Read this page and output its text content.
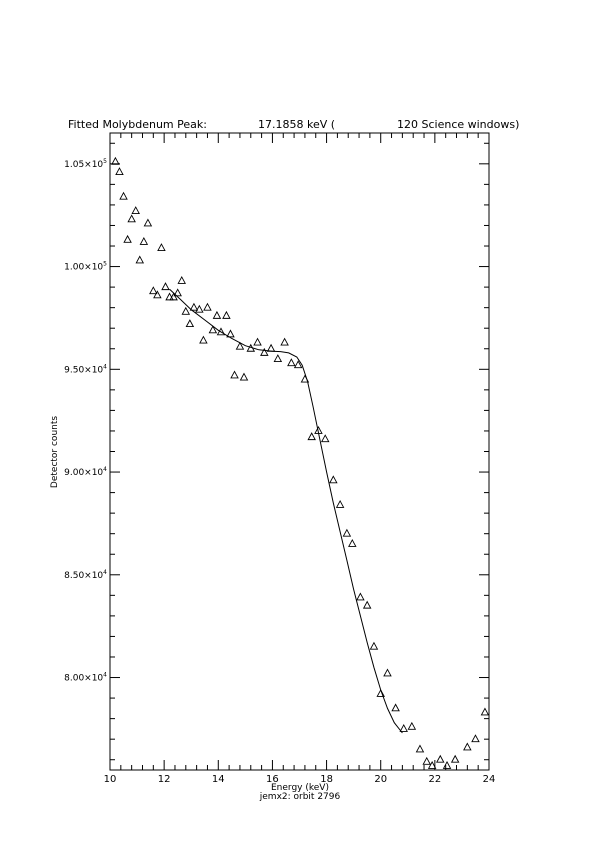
Fitted Molybdenum Peak:	17.1858 keV (	120 Science windows)
10	12	14	16	18	20	22	24
$8.00\times 10^4$
$8.50\times 10^4$
$9.00\times 10^4$
$9.50\times 10^4$
$1.00\times 10^5$
$1.05\times 10^5$
Detector counts
Energy (keV)
jemx2: orbit 2796
